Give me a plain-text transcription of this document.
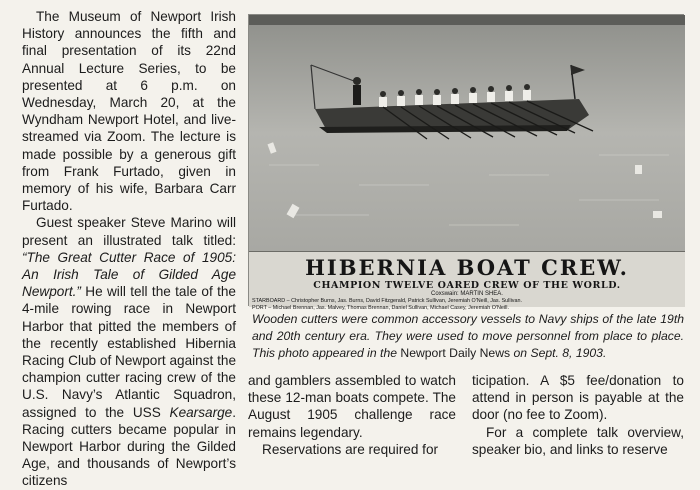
The Museum of Newport Irish History announces the fifth and final presentation of its 22nd Annual Lecture Series, to be presented at 6 p.m. on Wednesday, March 20, at the Wyndham Newport Hotel, and live-streamed via Zoom. The lecture is made possible by a generous gift from Frank Furtado, given in memory of his wife, Barbara Carr Furtado.

Guest speaker Steve Marino will present an illustrated talk titled: “The Great Cutter Race of 1905: An Irish Tale of Gilded Age Newport.” He will tell the tale of the 4-mile rowing race in Newport Harbor that pitted the members of the recently established Hibernia Racing Club of Newport against the champion cutter racing crew of the U.S. Navy’s Atlantic Squadron, assigned to the USS Kearsarge. Racing cutters became popular in Newport Harbor during the Gilded Age, and thousands of Newport’s citizens

HIBERNIA BOAT CREW.
CHAMPION TWELVE OARED CREW OF THE WORLD.
Coxswain: MARTIN SHEA.
STARBOARD – Christopher Burns, Jas. Burns, David Fitzgerald, Patrick Sullivan, Jeremiah O'Neill, Jas. Sullivan.
PORT – Michael Brennan, Jas. Malvey, Thomas Brennan, Daniel Sullivan, Michael Casey, Jeremiah O'Neill.
Wooden cutters were common accessory vessels to Navy ships of the late 19th and 20th century era. They were used to move personnel from place to place. This photo appeared in the Newport Daily News on Sept. 8, 1903.

and gamblers assembled to watch these 12-man boats compete. The August 1905 challenge race remains legendary.

Reservations are required for

ticipation. A $5 fee/donation to attend in person is payable at the door (no fee to Zoom).

For a complete talk overview, speaker bio, and links to reserve
